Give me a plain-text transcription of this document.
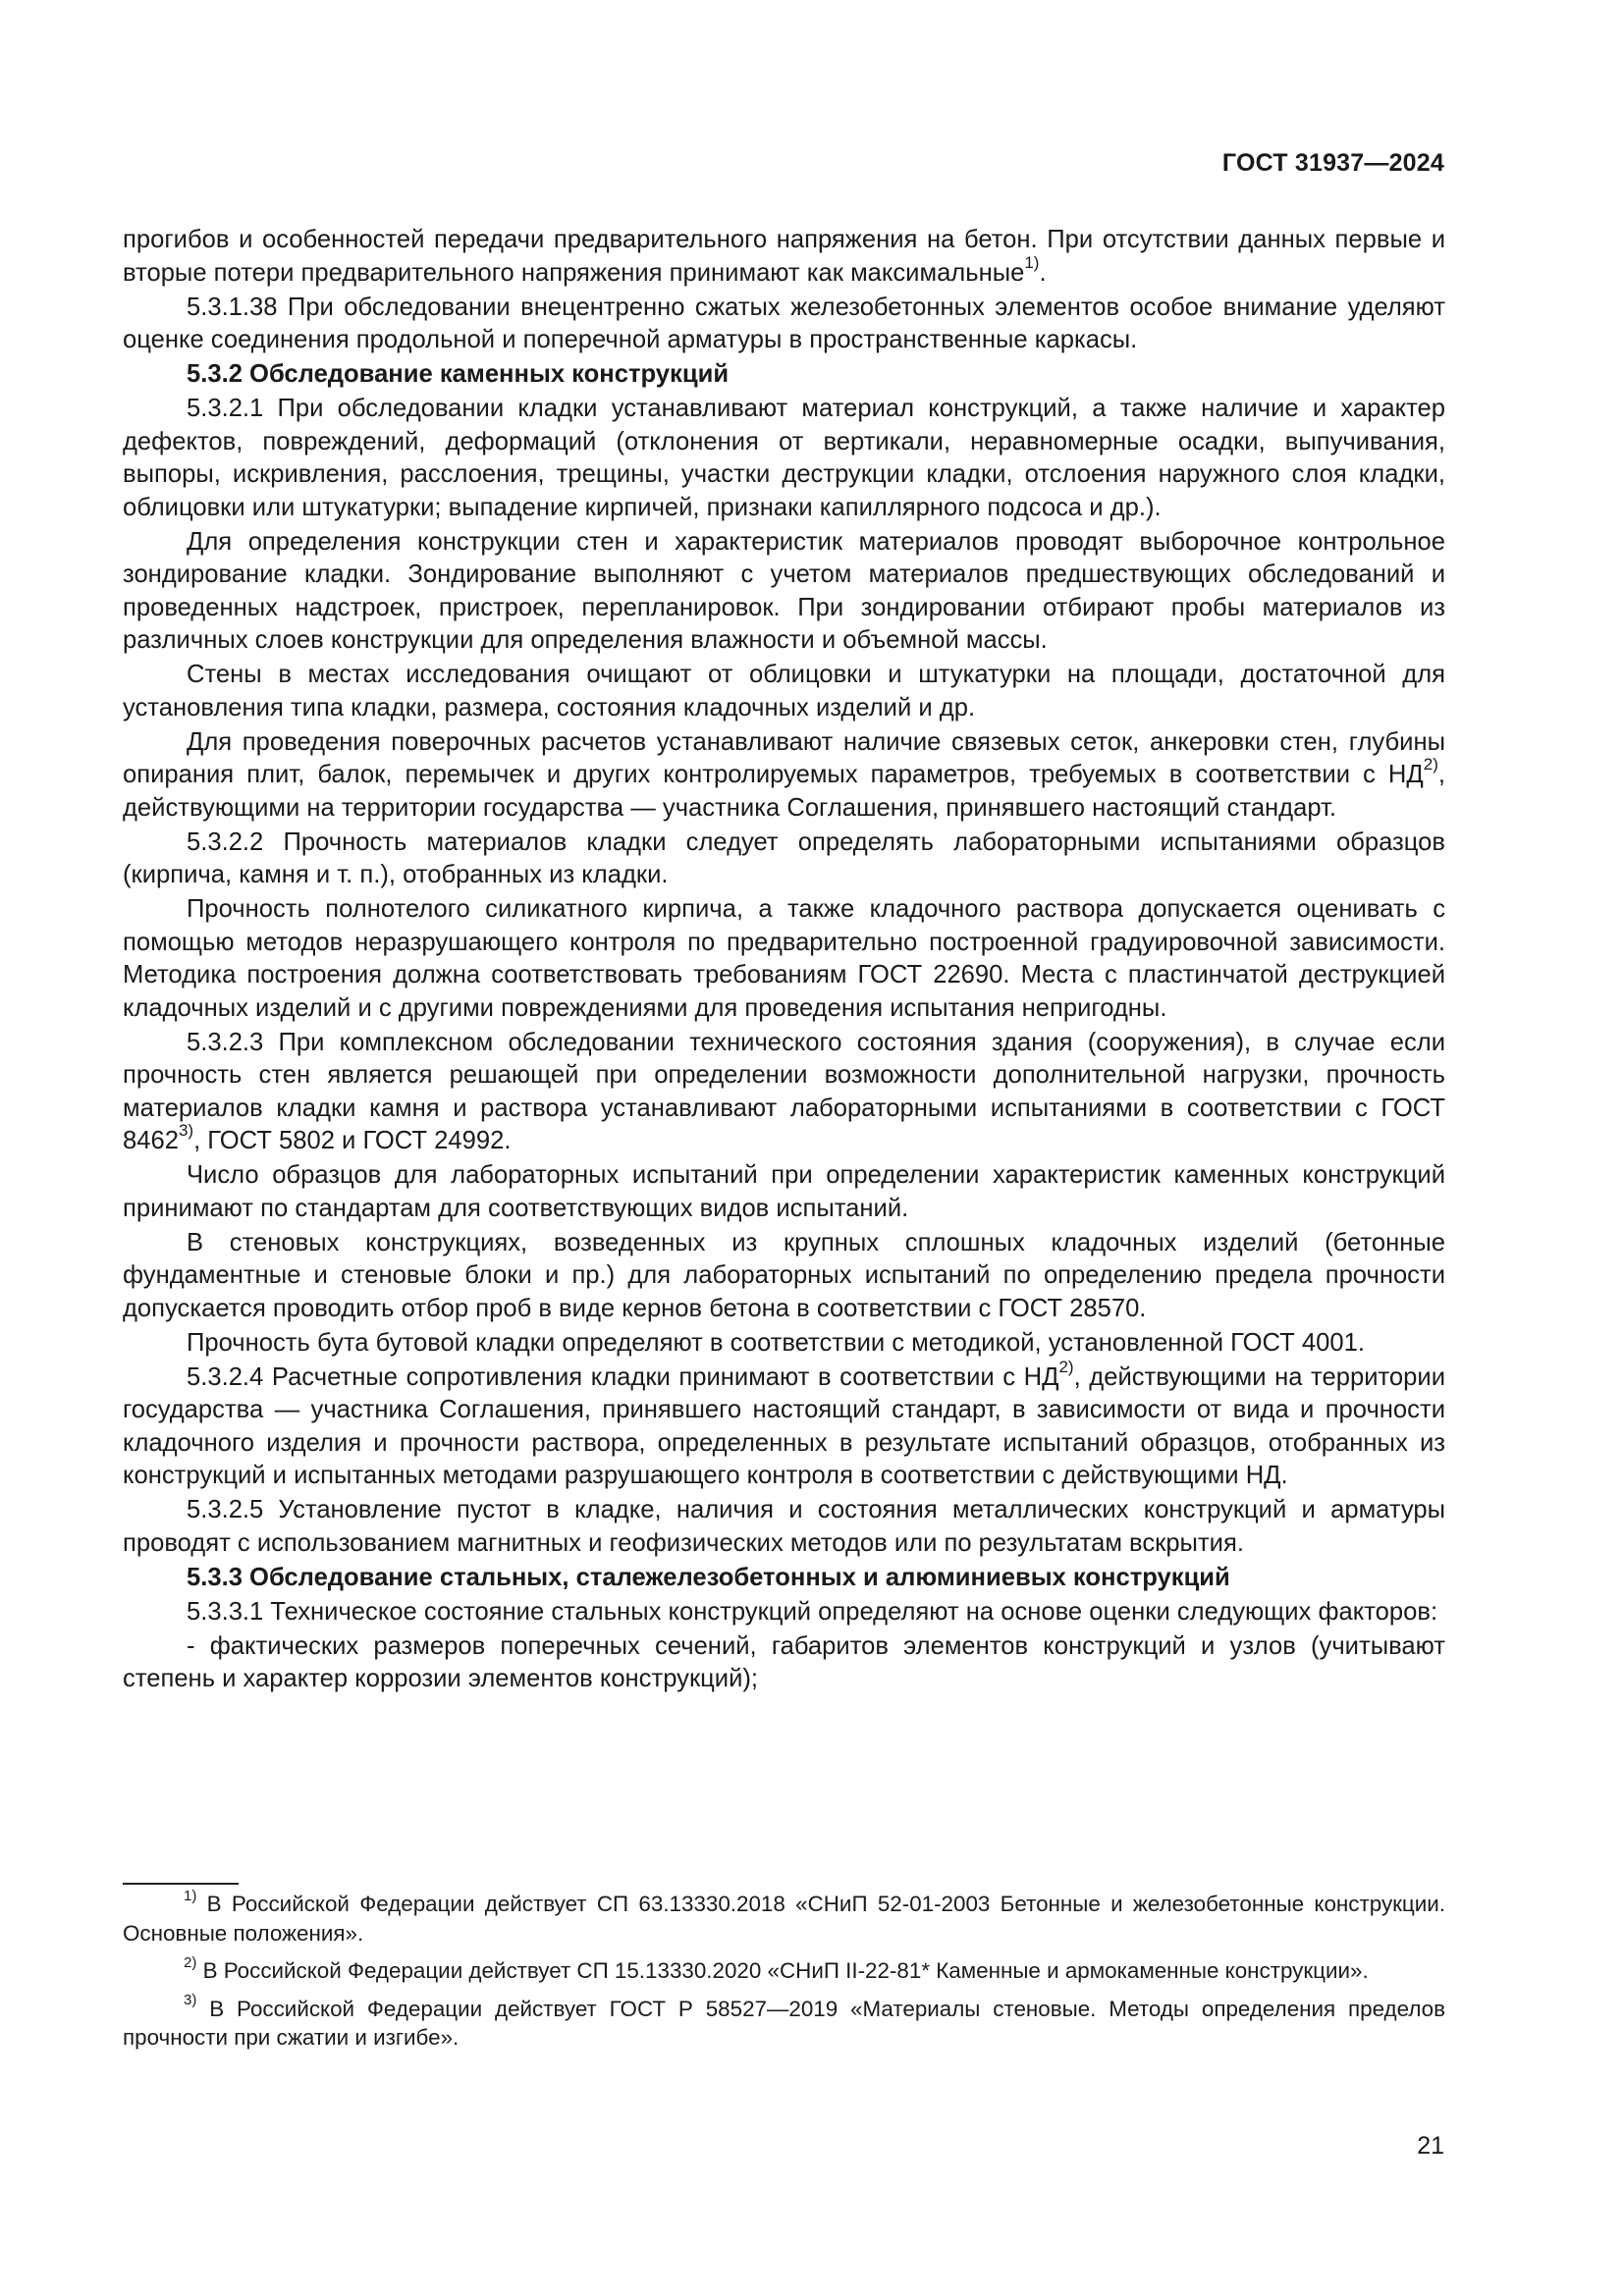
ГОСТ 31937—2024

прогибов и особенностей передачи предварительного напряжения на бетон. При отсутствии данных первые и вторые потери предварительного напряжения принимают как максимальные$^{1)}$.

5.3.1.38 При обследовании внецентренно сжатых железобетонных элементов особое внимание уделяют оценке соединения продольной и поперечной арматуры в пространственные каркасы.

5.3.2 Обследование каменных конструкций

5.3.2.1 При обследовании кладки устанавливают материал конструкций, а также наличие и характер дефектов, повреждений, деформаций (отклонения от вертикали, неравномерные осадки, выпучивания, выпоры, искривления, расслоения, трещины, участки деструкции кладки, отслоения наружного слоя кладки, облицовки или штукатурки; выпадение кирпичей, признаки капиллярного подсоса и др.).

Для определения конструкции стен и характеристик материалов проводят выборочное контрольное зондирование кладки. Зондирование выполняют с учетом материалов предшествующих обследований и проведенных надстроек, пристроек, перепланировок. При зондировании отбирают пробы материалов из различных слоев конструкции для определения влажности и объемной массы.

Стены в местах исследования очищают от облицовки и штукатурки на площади, достаточной для установления типа кладки, размера, состояния кладочных изделий и др.

Для проведения поверочных расчетов устанавливают наличие связевых сеток, анкеровки стен, глубины опирания плит, балок, перемычек и других контролируемых параметров, требуемых в соответствии с НД$^{2)}$, действующими на территории государства — участника Соглашения, принявшего настоящий стандарт.

5.3.2.2 Прочность материалов кладки следует определять лабораторными испытаниями образцов (кирпича, камня и т. п.), отобранных из кладки.

Прочность полнотелого силикатного кирпича, а также кладочного раствора допускается оценивать с помощью методов неразрушающего контроля по предварительно построенной градуировочной зависимости. Методика построения должна соответствовать требованиям ГОСТ 22690. Места с пластинчатой деструкцией кладочных изделий и с другими повреждениями для проведения испытания непригодны.

5.3.2.3 При комплексном обследовании технического состояния здания (сооружения), в случае если прочность стен является решающей при определении возможности дополнительной нагрузки, прочность материалов кладки камня и раствора устанавливают лабораторными испытаниями в соответствии с ГОСТ 8462$^{3)}$, ГОСТ 5802 и ГОСТ 24992.

Число образцов для лабораторных испытаний при определении характеристик каменных конструкций принимают по стандартам для соответствующих видов испытаний.

В стеновых конструкциях, возведенных из крупных сплошных кладочных изделий (бетонные фундаментные и стеновые блоки и пр.) для лабораторных испытаний по определению предела прочности допускается проводить отбор проб в виде кернов бетона в соответствии с ГОСТ 28570.

Прочность бута бутовой кладки определяют в соответствии с методикой, установленной ГОСТ 4001.

5.3.2.4 Расчетные сопротивления кладки принимают в соответствии с НД$^{2)}$, действующими на территории государства — участника Соглашения, принявшего настоящий стандарт, в зависимости от вида и прочности кладочного изделия и прочности раствора, определенных в результате испытаний образцов, отобранных из конструкций и испытанных методами разрушающего контроля в соответствии с действующими НД.

5.3.2.5 Установление пустот в кладке, наличия и состояния металлических конструкций и арматуры проводят с использованием магнитных и геофизических методов или по результатам вскрытия.

5.3.3 Обследование стальных, сталежелезобетонных и алюминиевых конструкций

5.3.3.1 Техническое состояние стальных конструкций определяют на основе оценки следующих факторов:

- фактических размеров поперечных сечений, габаритов элементов конструкций и узлов (учитывают степень и характер коррозии элементов конструкций);

$^{1)}$ В Российской Федерации действует СП 63.13330.2018 «СНиП 52-01-2003 Бетонные и железобетонные конструкции. Основные положения».

$^{2)}$ В Российской Федерации действует СП 15.13330.2020 «СНиП II-22-81* Каменные и армокаменные конструкции».

$^{3)}$ В Российской Федерации действует ГОСТ Р 58527—2019 «Материалы стеновые. Методы определения пределов прочности при сжатии и изгибе».

21
